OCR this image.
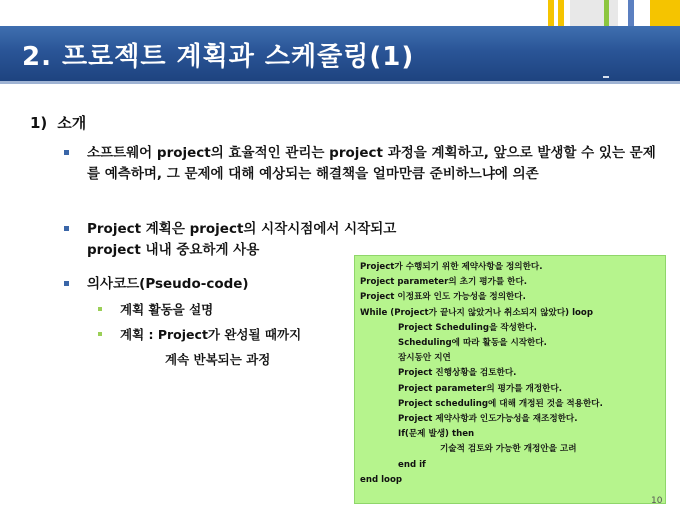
2. 프로젝트 계획과 스케줄링(1)
1) 소개
소프트웨어 project의 효율적인 관리는 project 과정을 계획하고, 앞으로 발생할 수 있는 문제를 예측하며, 그 문제에 대해 예상되는 해결책을 얼마만큼 준비하느냐에 의존
Project 계획은 project의 시작시점에서 시작되고 project 내내 중요하게 사용
의사코드(Pseudo-code)
계획 활동을 설명
계획 : Project가 완성될 때까지
계속 반복되는 과정
Project가 수행되기 위한 제약사항을 정의한다.
Project parameter의 초기 평가를 한다.
Project 이정표와 인도 가능성을 정의한다.
While (Project가 끝나지 않았거나 취소되지 않았다) loop
Project Scheduling을 작성한다.
Scheduling에 따라 활동을 시작한다.
잠시동안 지연
Project 진행상황을 검토한다.
Project parameter의 평가를 개정한다.
Project scheduling에 대해 개정된 것을 적용한다.
Project 제약사항과 인도가능성을 재조정한다.
If(문제 발생) then
기술적 검토와 가능한 개정안을 고려
end if
end loop
10
